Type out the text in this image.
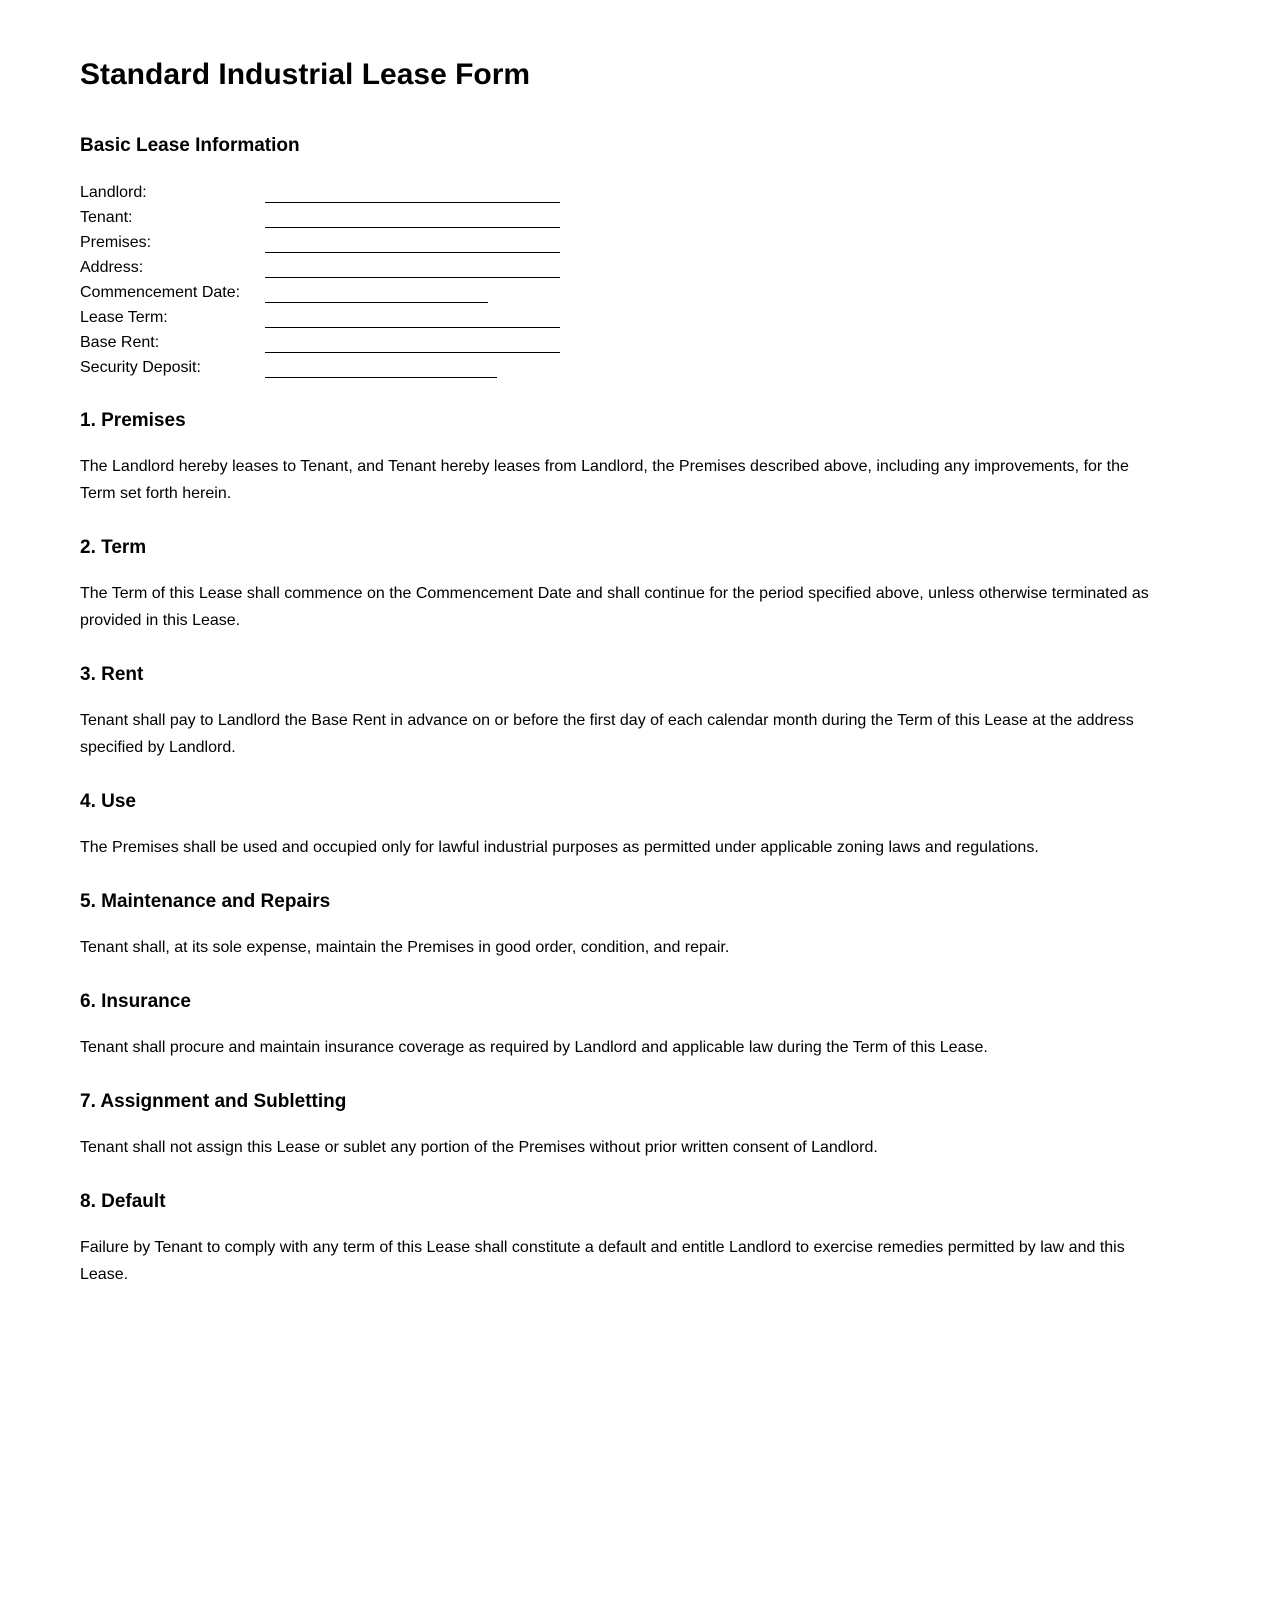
Standard Industrial Lease Form
Basic Lease Information
Landlord:
Tenant:
Premises:
Address:
Commencement Date:
Lease Term:
Base Rent:
Security Deposit:
1. Premises

The Landlord hereby leases to Tenant, and Tenant hereby leases from Landlord, the Premises described above, including any improvements, for the Term set forth herein.

2. Term

The Term of this Lease shall commence on the Commencement Date and shall continue for the period specified above, unless otherwise terminated as provided in this Lease.

3. Rent

Tenant shall pay to Landlord the Base Rent in advance on or before the first day of each calendar month during the Term of this Lease at the address specified by Landlord.

4. Use

The Premises shall be used and occupied only for lawful industrial purposes as permitted under applicable zoning laws and regulations.

5. Maintenance and Repairs

Tenant shall, at its sole expense, maintain the Premises in good order, condition, and repair.

6. Insurance

Tenant shall procure and maintain insurance coverage as required by Landlord and applicable law during the Term of this Lease.

7. Assignment and Subletting

Tenant shall not assign this Lease or sublet any portion of the Premises without prior written consent of Landlord.

8. Default

Failure by Tenant to comply with any term of this Lease shall constitute a default and entitle Landlord to exercise remedies permitted by law and this Lease.
